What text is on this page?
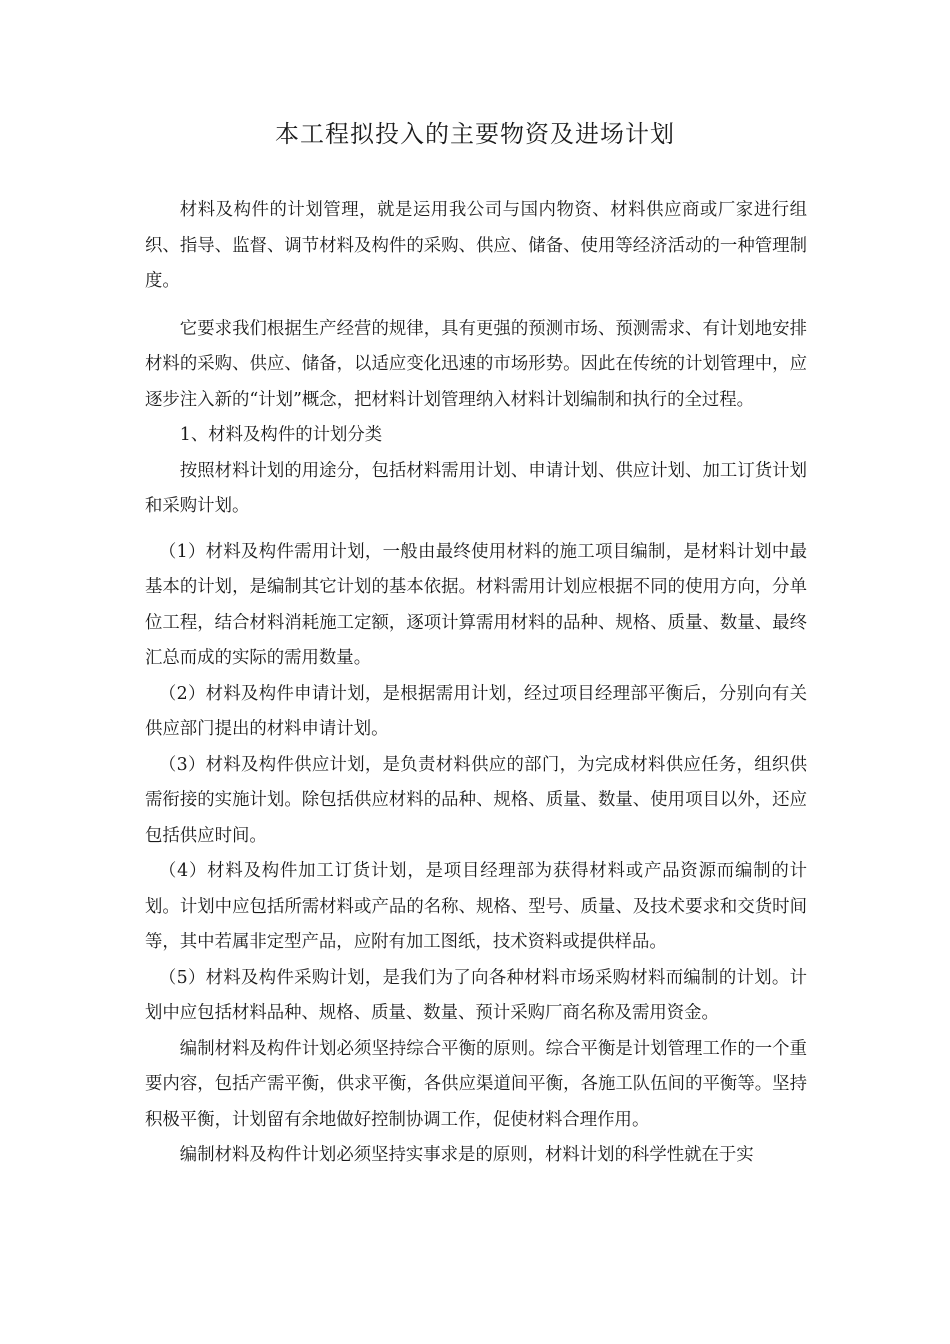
本工程拟投入的主要物资及进场计划

材料及构件的计划管理，就是运用我公司与国内物资、材料供应商或厂家进行组织、指导、监督、调节材料及构件的采购、供应、储备、使用等经济活动的一种管理制度。

它要求我们根据生产经营的规律，具有更强的预测市场、预测需求、有计划地安排材料的采购、供应、储备，以适应变化迅速的市场形势。因此在传统的计划管理中，应逐步注入新的“计划”概念，把材料计划管理纳入材料计划编制和执行的全过程。

1、材料及构件的计划分类

按照材料计划的用途分，包括材料需用计划、申请计划、供应计划、加工订货计划和采购计划。

（1）材料及构件需用计划，一般由最终使用材料的施工项目编制，是材料计划中最基本的计划，是编制其它计划的基本依据。材料需用计划应根据不同的使用方向，分单位工程，结合材料消耗施工定额，逐项计算需用材料的品种、规格、质量、数量、最终汇总而成的实际的需用数量。

（2）材料及构件申请计划，是根据需用计划，经过项目经理部平衡后，分别向有关供应部门提出的材料申请计划。

（3）材料及构件供应计划，是负责材料供应的部门，为完成材料供应任务，组织供需衔接的实施计划。除包括供应材料的品种、规格、质量、数量、使用项目以外，还应包括供应时间。

（4）材料及构件加工订货计划，是项目经理部为获得材料或产品资源而编制的计划。计划中应包括所需材料或产品的名称、规格、型号、质量、及技术要求和交货时间等，其中若属非定型产品，应附有加工图纸，技术资料或提供样品。

（5）材料及构件采购计划，是我们为了向各种材料市场采购材料而编制的计划。计划中应包括材料品种、规格、质量、数量、预计采购厂商名称及需用资金。

编制材料及构件计划必须坚持综合平衡的原则。综合平衡是计划管理工作的一个重要内容，包括产需平衡，供求平衡，各供应渠道间平衡，各施工队伍间的平衡等。坚持积极平衡，计划留有余地做好控制协调工作，促使材料合理作用。

编制材料及构件计划必须坚持实事求是的原则，材料计划的科学性就在于实
